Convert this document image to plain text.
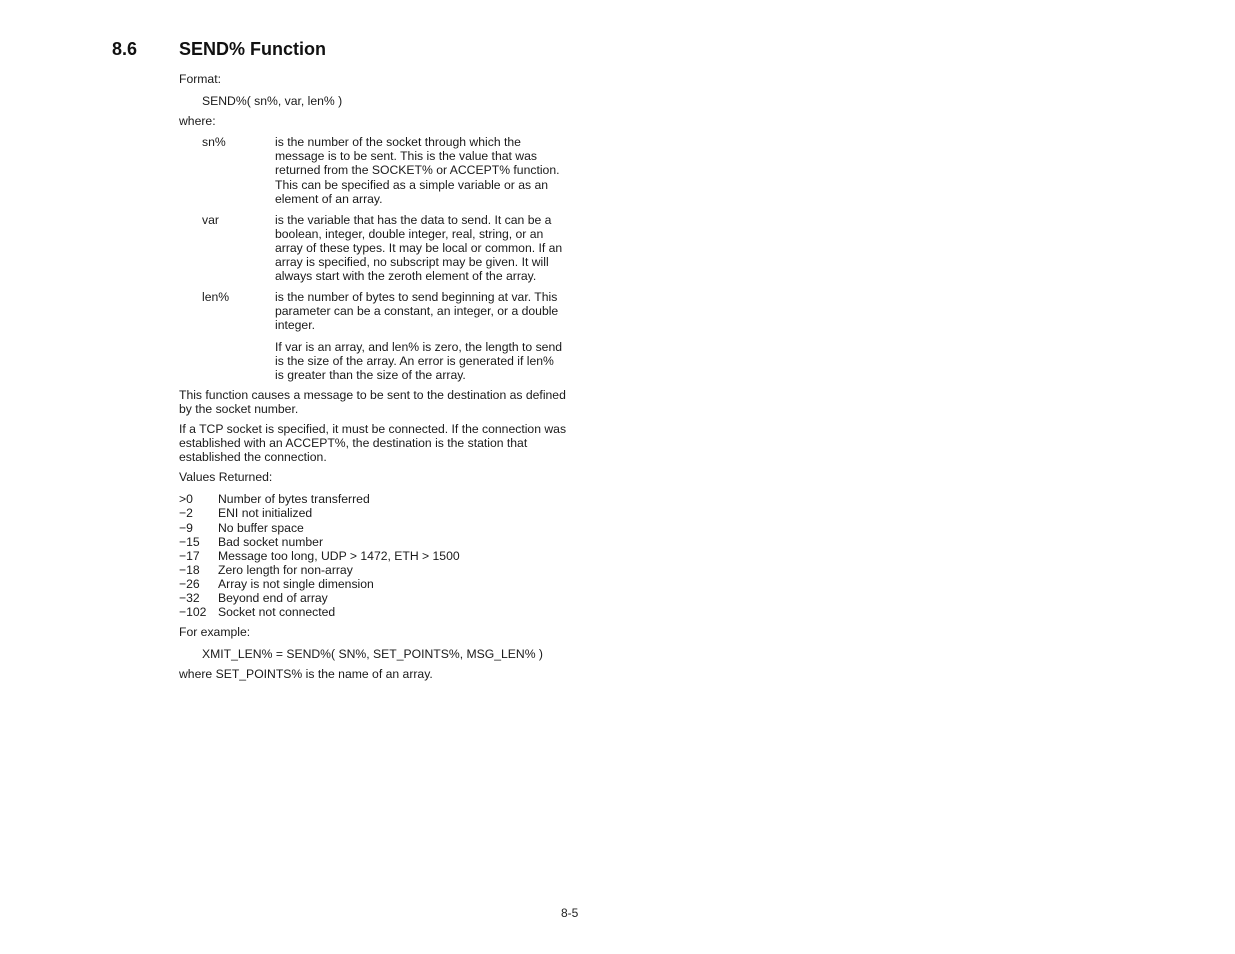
8.6 SEND% Function

Format:

SEND%( sn%, var, len% )

where:

sn%	is the number of the socket through which the message is to be sent. This is the value that was returned from the SOCKET% or ACCEPT% function. This can be specified as a simple variable or as an element of an array.
var	is the variable that has the data to send. It can be a boolean, integer, double integer, real, string, or an array of these types. It may be local or common. If an array is specified, no subscript may be given. It will always start with the zeroth element of the array.
len%	is the number of bytes to send beginning at var. This parameter can be a constant, an integer, or a double integer.

If var is an array, and len% is zero, the length to send is the size of the array. An error is generated if len% is greater than the size of the array.

This function causes a message to be sent to the destination as defined by the socket number.

If a TCP socket is specified, it must be connected. If the connection was established with an ACCEPT%, the destination is the station that established the connection.

Values Returned:

>0	Number of bytes transferred
−2	ENI not initialized
−9	No buffer space
−15	Bad socket number
−17	Message too long, UDP > 1472, ETH > 1500
−18	Zero length for non-array
−26	Array is not single dimension
−32	Beyond end of array
−102 Socket not connected

For example:

XMIT_LEN% = SEND%( SN%, SET_POINTS%, MSG_LEN% )

where SET_POINTS% is the name of an array.

8-5
